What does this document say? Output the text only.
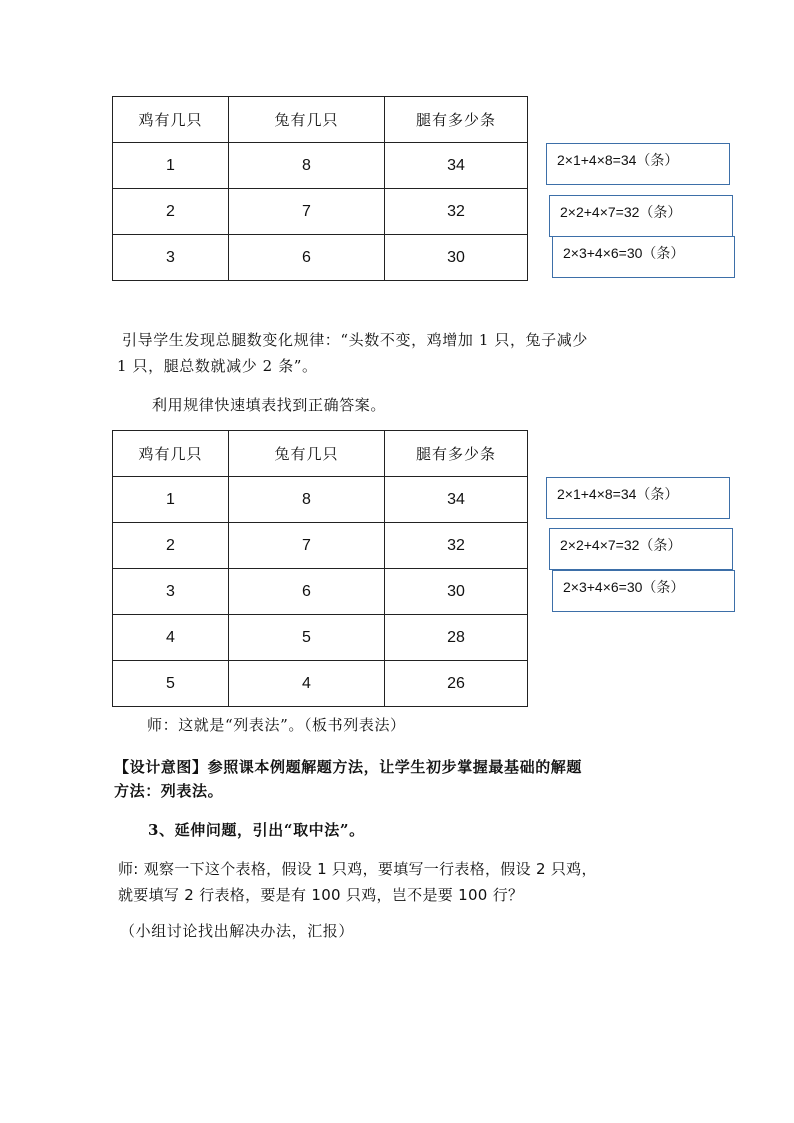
鸡有几只	兔有几只	腿有多少条
1	8	34
2	7	32
3	6	30
2×1+4×8=34（条）
2×2+4×7=32（条）
2×3+4×6=30（条）
引导学生发现总腿数变化规律：“头数不变，鸡增加 1 只，兔子减少
1 只，腿总数就减少 2 条”。
利用规律快速填表找到正确答案。
鸡有几只	兔有几只	腿有多少条
1	8	34
2	7	32
3	6	30
4	5	28
5	4	26
2×1+4×8=34（条）
2×2+4×7=32（条）
2×3+4×6=30（条）
师：这就是“列表法”。（板书列表法）
【设计意图】参照课本例题解题方法，让学生初步掌握最基础的解题
方法：列表法。
3、延伸问题，引出“取中法”。
师: 观察一下这个表格，假设 1 只鸡，要填写一行表格，假设 2 只鸡，
就要填写 2 行表格，要是有 100 只鸡，岂不是要 100 行？
（小组讨论找出解决办法，汇报）
